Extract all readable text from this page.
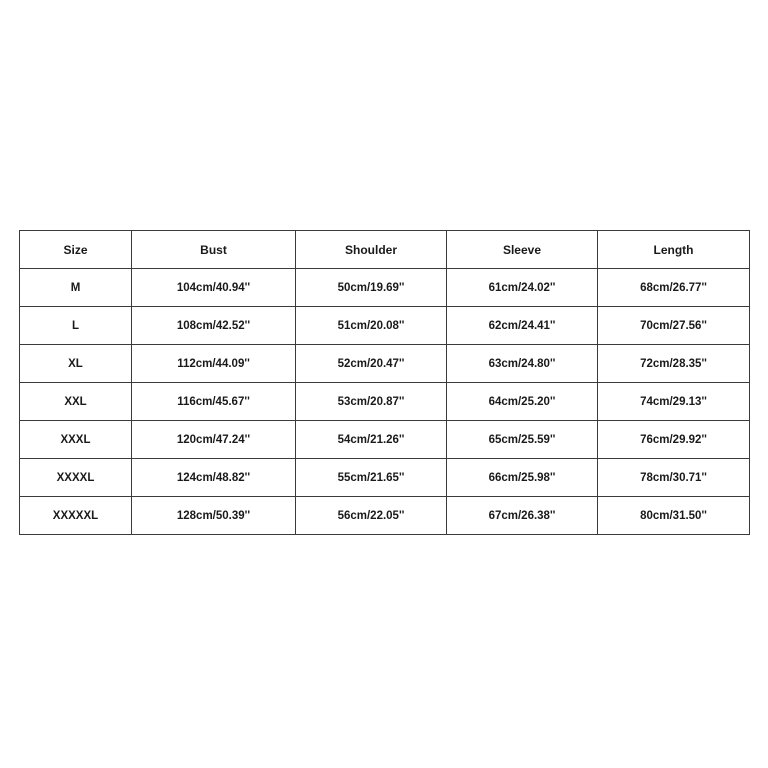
Size	Bust	Shoulder	Sleeve	Length
M	104cm/40.94''	50cm/19.69''	61cm/24.02''	68cm/26.77''
L	108cm/42.52''	51cm/20.08''	62cm/24.41''	70cm/27.56''
XL	112cm/44.09''	52cm/20.47''	63cm/24.80''	72cm/28.35''
XXL	116cm/45.67''	53cm/20.87''	64cm/25.20''	74cm/29.13''
XXXL	120cm/47.24''	54cm/21.26''	65cm/25.59''	76cm/29.92''
XXXXL	124cm/48.82''	55cm/21.65''	66cm/25.98''	78cm/30.71''
XXXXXL	128cm/50.39''	56cm/22.05''	67cm/26.38''	80cm/31.50''
